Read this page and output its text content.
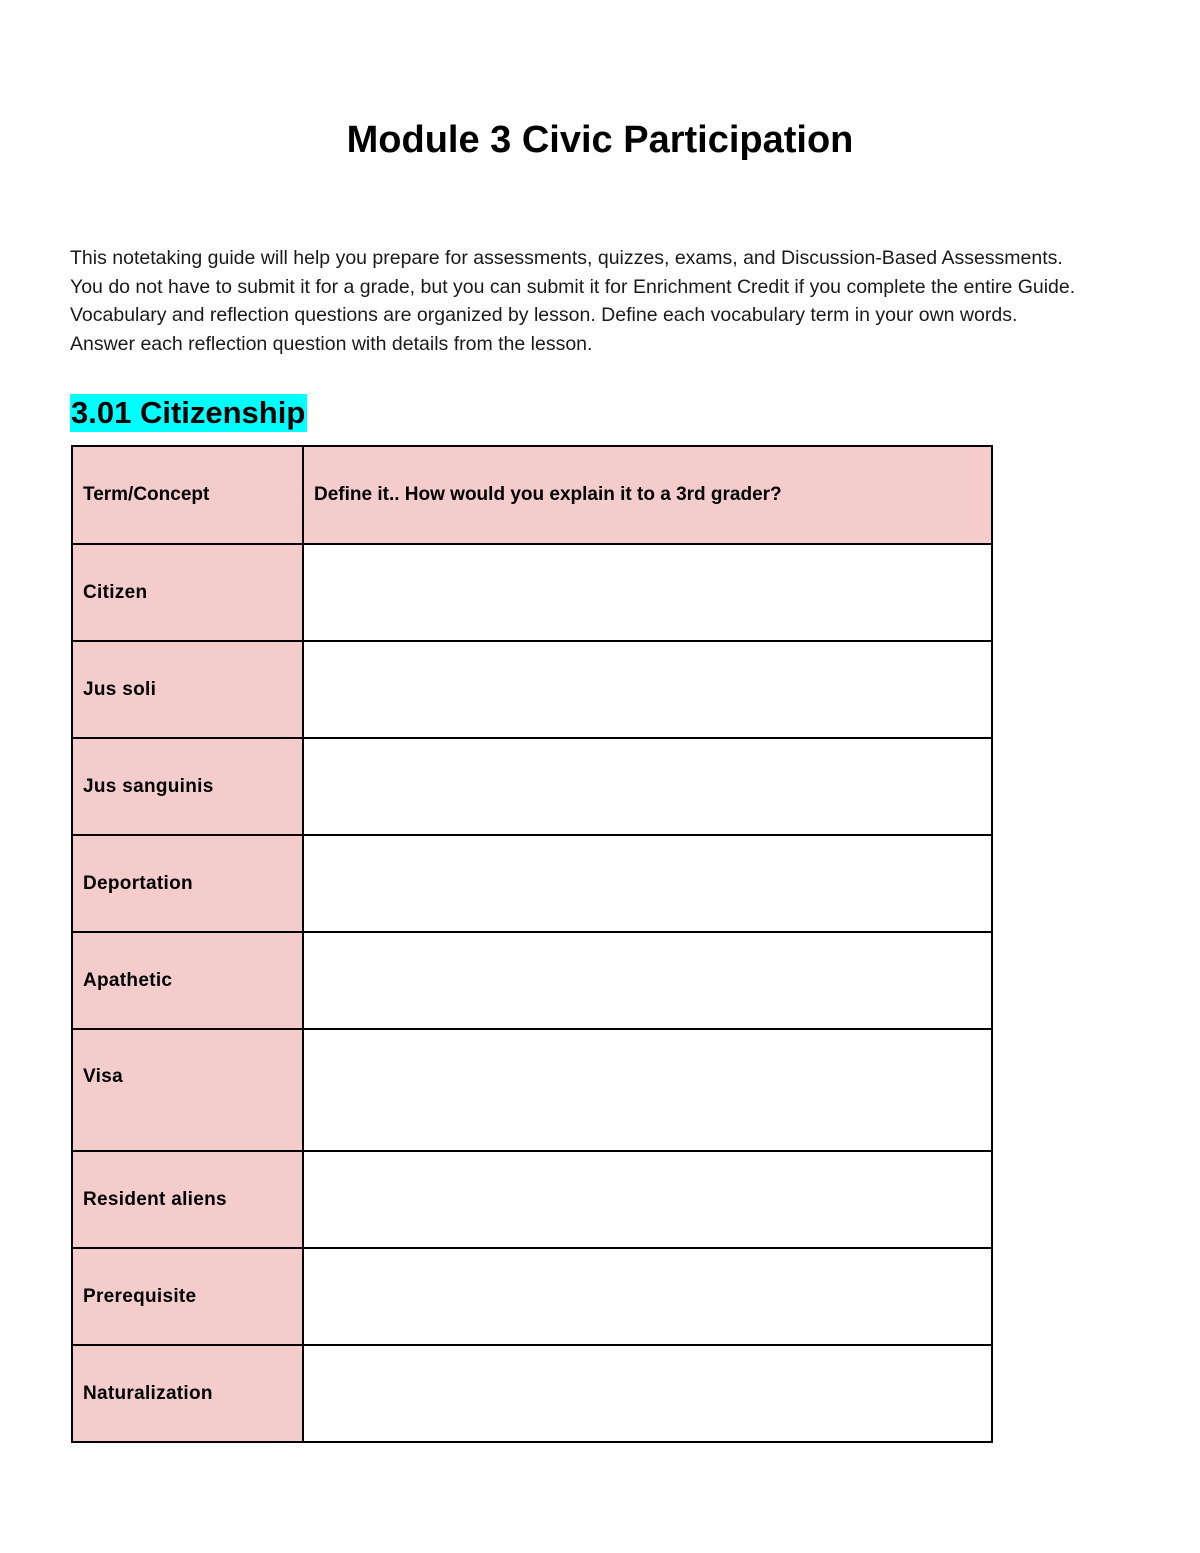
Module 3 Civic Participation

This notetaking guide will help you prepare for assessments, quizzes, exams, and Discussion-Based Assessments. You do not have to submit it for a grade, but you can submit it for Enrichment Credit if you complete the entire Guide. Vocabulary and reflection questions are organized by lesson. Define each vocabulary term in your own words. Answer each reflection question with details from the lesson.

3.01 Citizenship
Term/Concept	Define it.. How would you explain it to a 3rd grader?
Citizen	
Jus soli	
Jus sanguinis	
Deportation	
Apathetic	
Visa	
Resident aliens	
Prerequisite	
Naturalization	
